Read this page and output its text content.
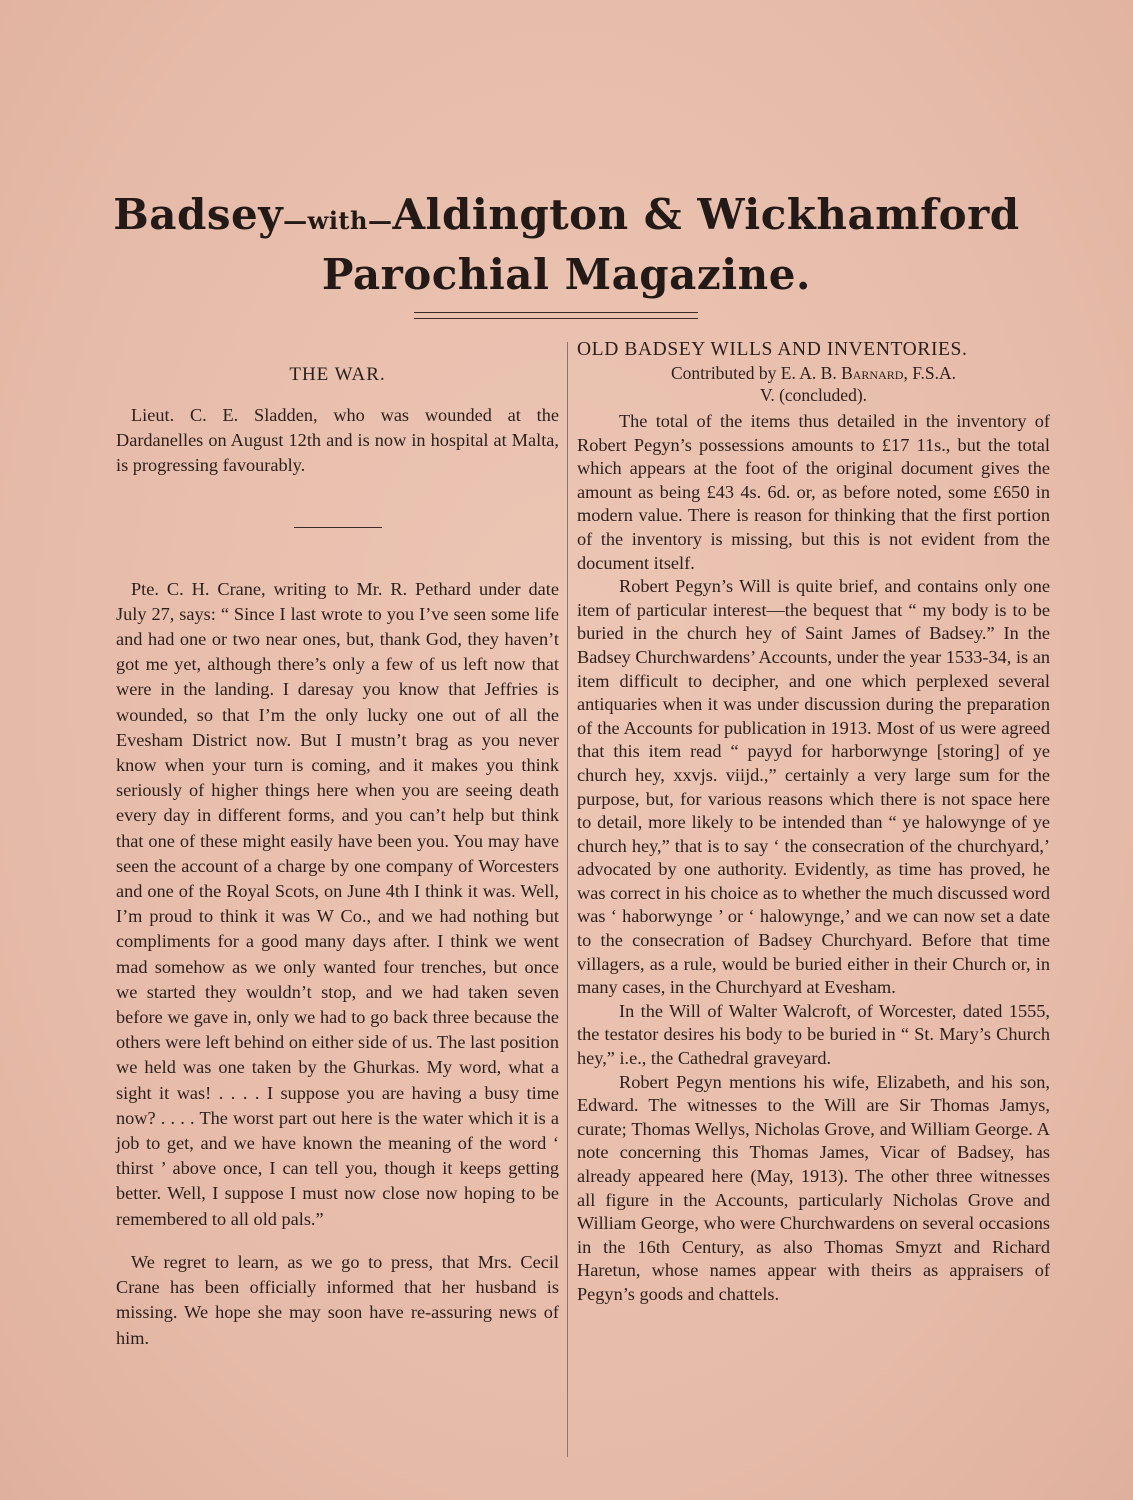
Badsey—with—Aldington & Wickhamford
Parochial Magazine.
THE WAR.

Lieut. C. E. Sladden, who was wounded at the Dardanelles on August 12th and is now in hospital at Malta, is progressing favourably.

Pte. C. H. Crane, writing to Mr. R. Pethard under date July 27, says: “ Since I last wrote to you I’ve seen some life and had one or two near ones, but, thank God, they haven’t got me yet, although there’s only a few of us left now that were in the landing. I daresay you know that Jeffries is wounded, so that I’m the only lucky one out of all the Evesham District now. But I mustn’t brag as you never know when your turn is coming, and it makes you think seriously of higher things here when you are seeing death every day in different forms, and you can’t help but think that one of these might easily have been you. You may have seen the account of a charge by one company of Worcesters and one of the Royal Scots, on June 4th I think it was. Well, I’m proud to think it was W Co., and we had nothing but compliments for a good many days after. I think we went mad somehow as we only wanted four trenches, but once we started they wouldn’t stop, and we had taken seven before we gave in, only we had to go back three because the others were left behind on either side of us. The last position we held was one taken by the Ghurkas. My word, what a sight it was! . . . . I suppose you are having a busy time now? . . . . The worst part out here is the water which it is a job to get, and we have known the meaning of the word ‘ thirst ’ above once, I can tell you, though it keeps getting better. Well, I suppose I must now close now hoping to be remembered to all old pals.”

We regret to learn, as we go to press, that Mrs. Cecil Crane has been officially informed that her husband is missing. We hope she may soon have re-assuring news of him.

OLD BADSEY WILLS AND INVENTORIES.
Contributed by E. A. B. Barnard, F.S.A.
V. (concluded).

The total of the items thus detailed in the inventory of Robert Pegyn’s possessions amounts to £17 11s., but the total which appears at the foot of the original document gives the amount as being £43 4s. 6d. or, as before noted, some £650 in modern value. There is reason for thinking that the first portion of the inventory is missing, but this is not evident from the document itself.

Robert Pegyn’s Will is quite brief, and contains only one item of particular interest—the bequest that “ my body is to be buried in the church hey of Saint James of Badsey.” In the Badsey Churchwardens’ Accounts, under the year 1533-34, is an item difficult to decipher, and one which perplexed several antiquaries when it was under discussion during the preparation of the Accounts for publication in 1913. Most of us were agreed that this item read “ payyd for harborwynge [storing] of ye church hey, xxvjs. viijd.,” certainly a very large sum for the purpose, but, for various reasons which there is not space here to detail, more likely to be intended than “ ye halowynge of ye church hey,” that is to say ‘ the consecration of the churchyard,’ advocated by one authority. Evidently, as time has proved, he was correct in his choice as to whether the much discussed word was ‘ haborwynge ’ or ‘ halowynge,’ and we can now set a date to the consecration of Badsey Churchyard. Before that time villagers, as a rule, would be buried either in their Church or, in many cases, in the Churchyard at Evesham.

In the Will of Walter Walcroft, of Worcester, dated 1555, the testator desires his body to be buried in “ St. Mary’s Church hey,” i.e., the Cathedral graveyard.

Robert Pegyn mentions his wife, Elizabeth, and his son, Edward. The witnesses to the Will are Sir Thomas Jamys, curate; Thomas Wellys, Nicholas Grove, and William George. A note concerning this Thomas James, Vicar of Badsey, has already appeared here (May, 1913). The other three witnesses all figure in the Accounts, particularly Nicholas Grove and William George, who were Churchwardens on several occasions in the 16th Century, as also Thomas Smyzt and Richard Haretun, whose names appear with theirs as appraisers of Pegyn’s goods and chattels.
